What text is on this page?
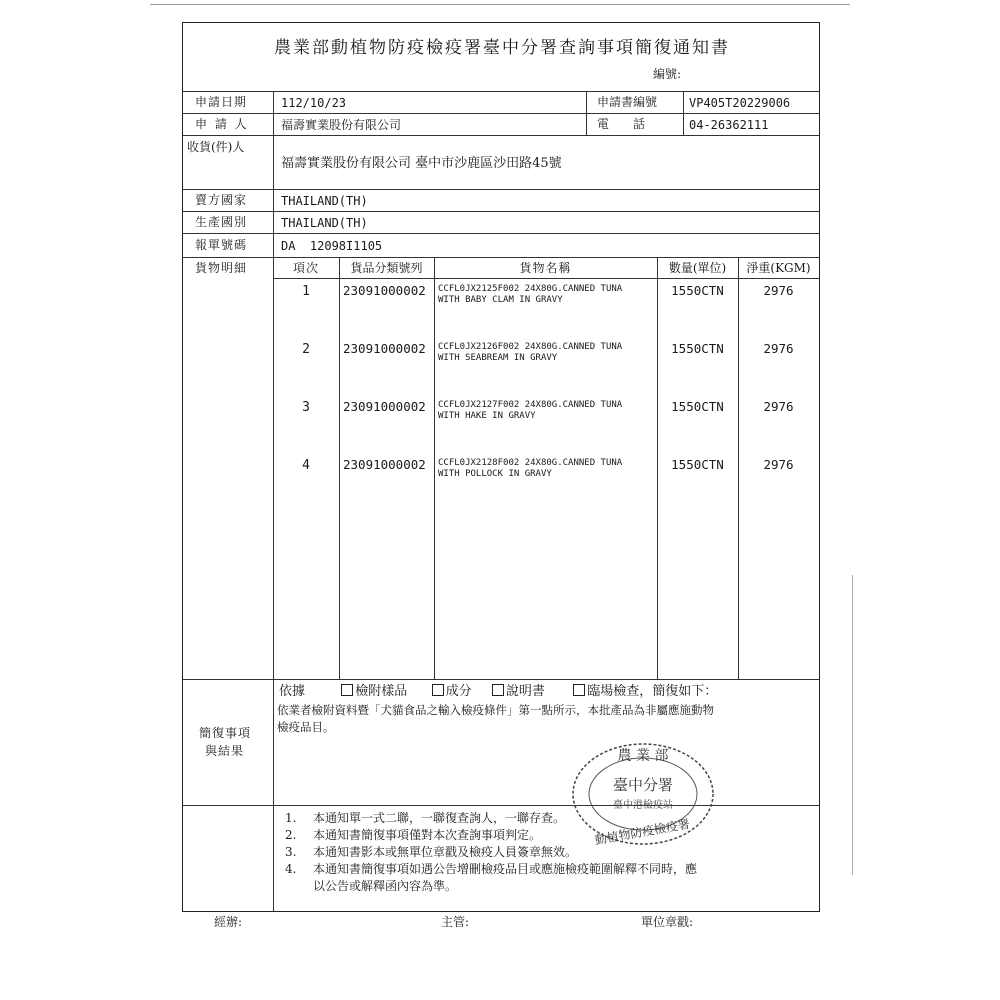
農業部動植物防疫檢疫署臺中分署查詢事項簡復通知書
編號:
申請日期	112/10/23	申請書編號	VP405T20229006
申 請 人	福壽實業股份有限公司	電　　話	04-26362111
收貨(件)人
福壽實業股份有限公司 臺中市沙鹿區沙田路45號
賣方國家	THAILAND(TH)
生產國別	THAILAND(TH)
報單號碼	DA  12098I1105
貨物明細	項次	貨品分類號列	貨物名稱	數量(單位)	淨重(KGM)
1	23091000002 CCFL0JX2125F002 24X80G.CANNED TUNA
WITH BABY CLAM IN GRAVY
1550CTN	2976
2	23091000002 CCFL0JX2126F002 24X80G.CANNED TUNA
WITH SEABREAM IN GRAVY
1550CTN	2976
3	23091000002 CCFL0JX2127F002 24X80G.CANNED TUNA
WITH HAKE IN GRAVY
1550CTN	2976
4	23091000002 CCFL0JX2128F002 24X80G.CANNED TUNA
WITH POLLOCK IN GRAVY
1550CTN	2976
簡復事項
與結果
依據	檢附樣品	成分	說明書	臨場檢查，簡復如下：
依業者檢附資料暨「犬貓食品之輸入檢疫條件」第一點所示，本批產品為非屬應施動物
檢疫品目。
1. 本通知單一式二聯，一聯復查詢人，一聯存查。
2. 本通知書簡復事項僅對本次查詢事項判定。
3. 本通知書影本或無單位章戳及檢疫人員簽章無效。
4. 本通知書簡復事項如遇公告增刪檢疫品目或應施檢疫範圍解釋不同時，應
以公告或解釋函內容為準。
農 業 部
臺中分署
臺中港檢疫站
動植物防疫檢疫署
經辦:	主管:	單位章戳:
